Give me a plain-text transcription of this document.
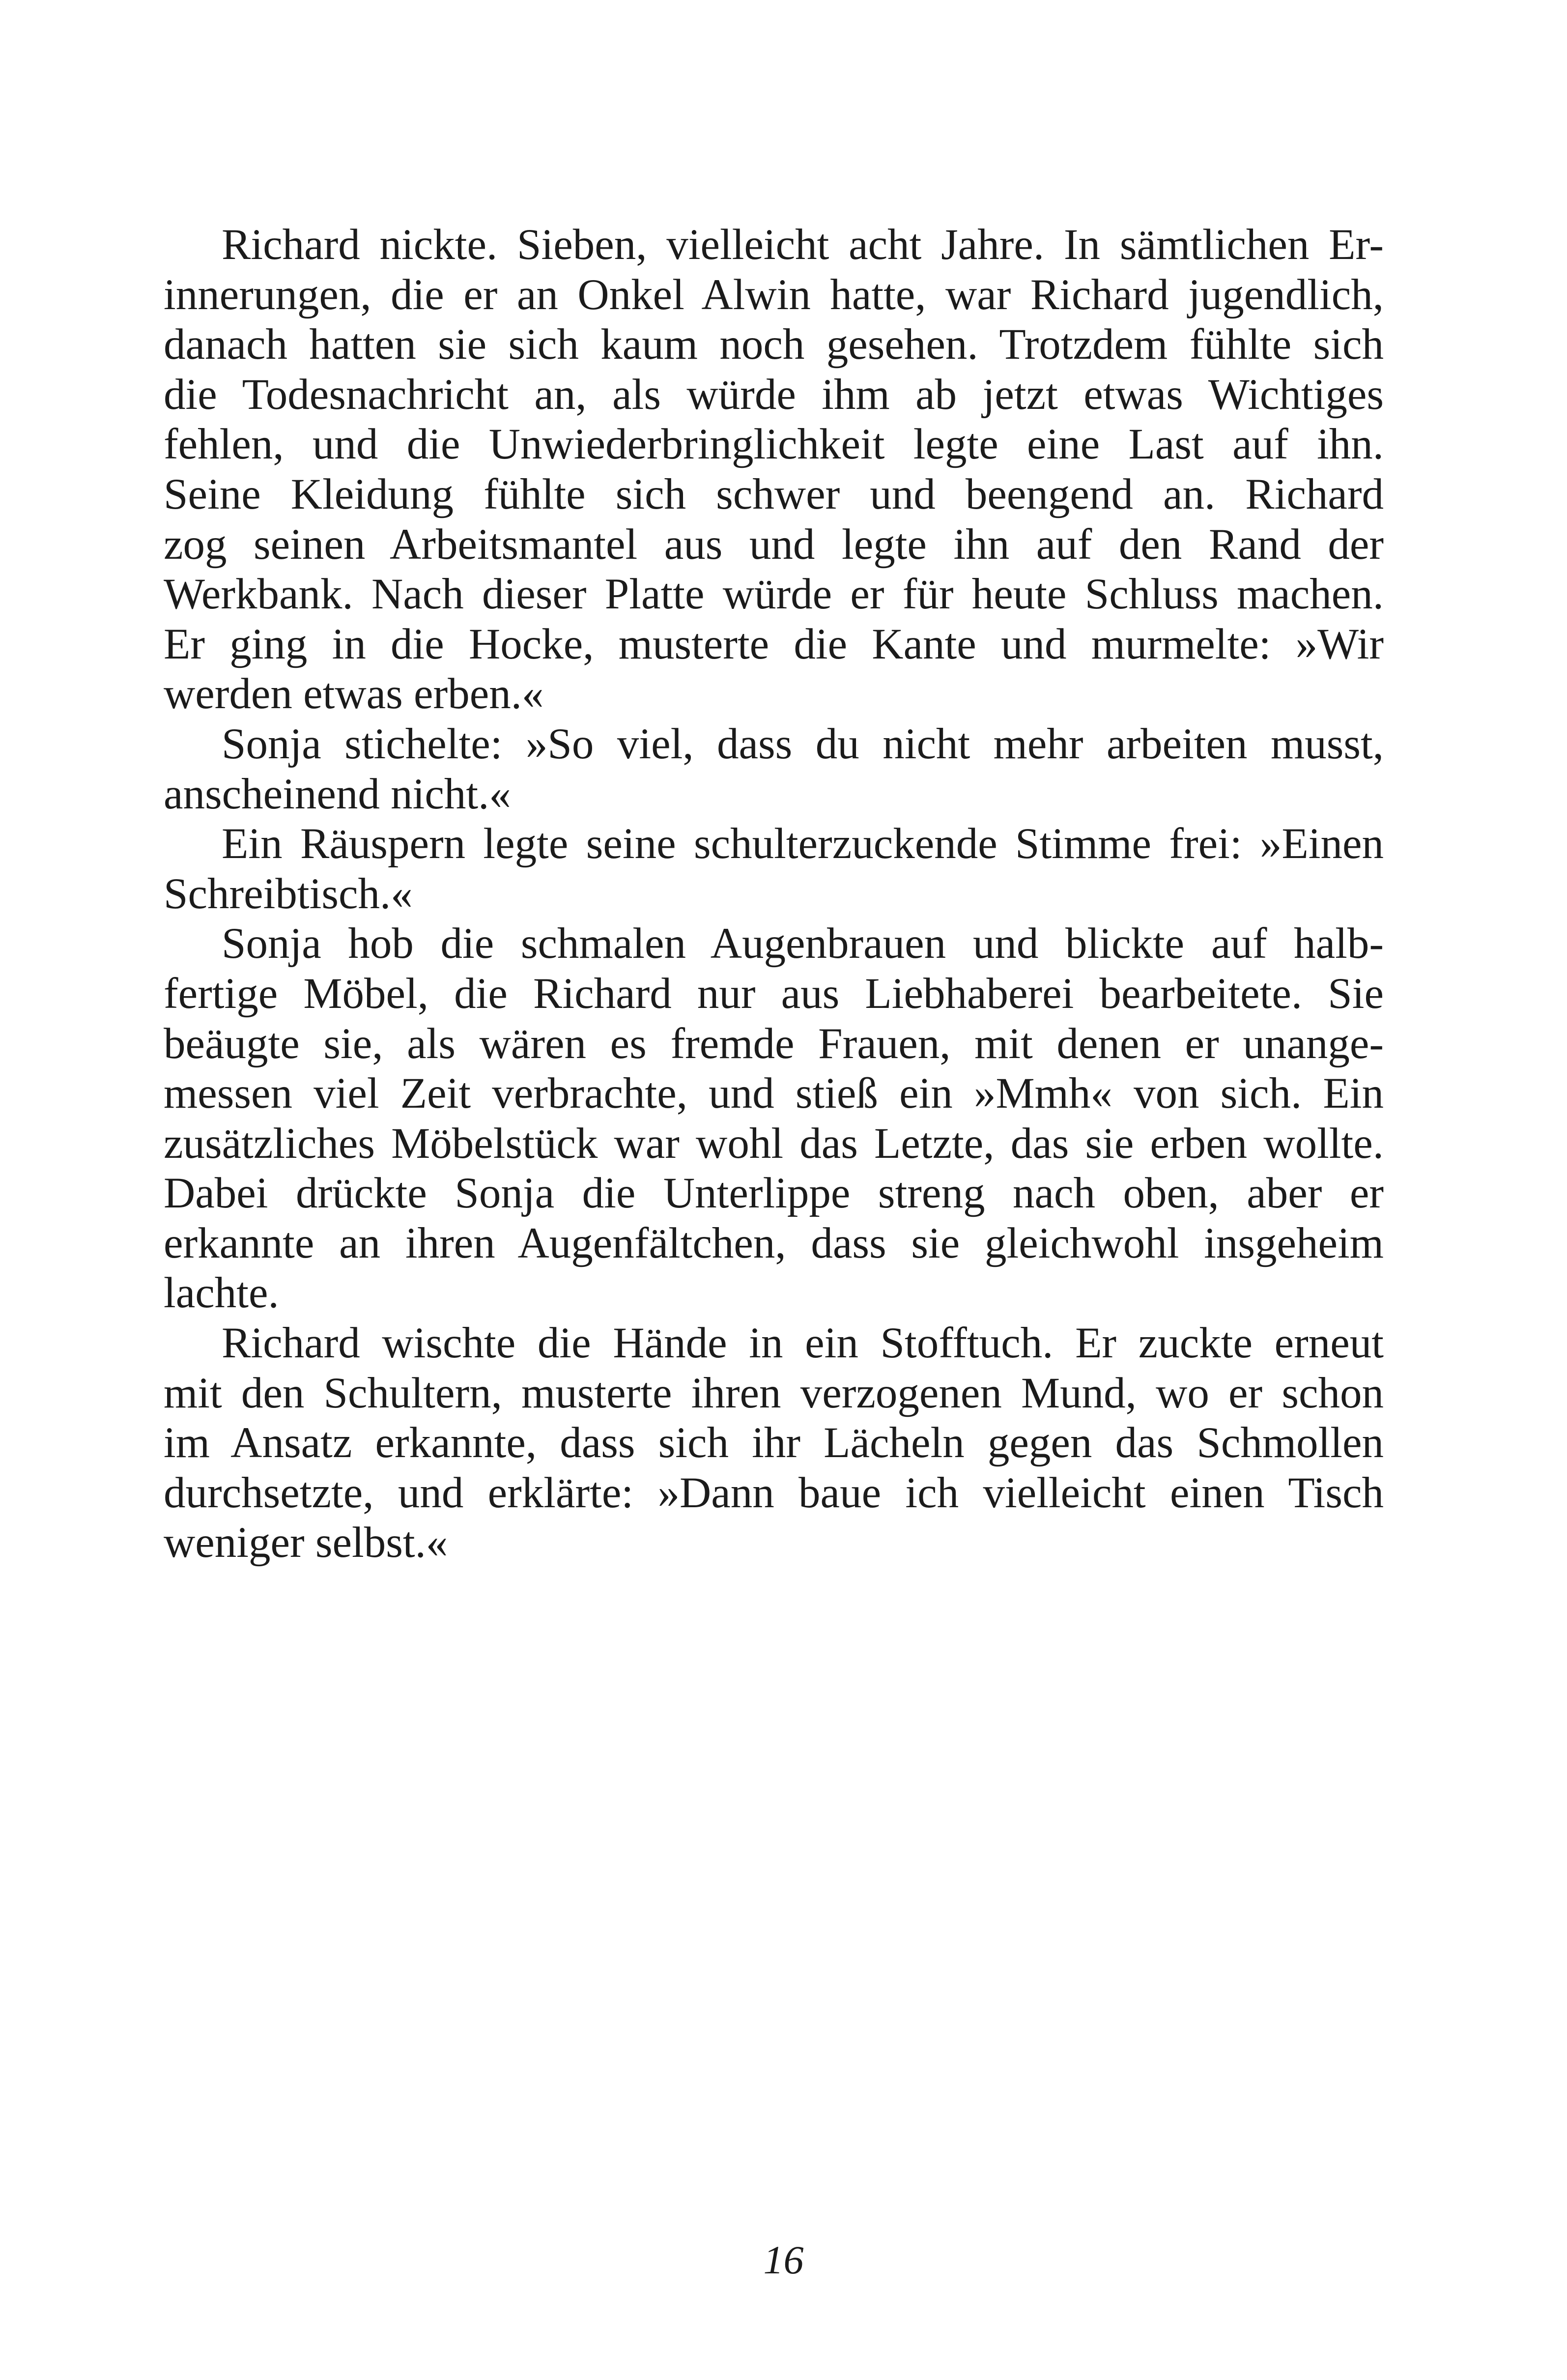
Richard nickte. Sieben, vielleicht acht Jahre. In sämtlichen Er-
innerungen, die er an Onkel Alwin hatte, war Richard jugendlich,
danach hatten sie sich kaum noch gesehen. Trotzdem fühlte sich
die Todesnachricht an, als würde ihm ab jetzt etwas Wichtiges
fehlen, und die Unwiederbringlichkeit legte eine Last auf ihn.
Seine Kleidung fühlte sich schwer und beengend an. Richard
zog seinen Arbeitsmantel aus und legte ihn auf den Rand der
Werkbank. Nach dieser Platte würde er für heute Schluss machen.
Er ging in die Hocke, musterte die Kante und murmelte: »Wir
werden etwas erben.«
Sonja stichelte: »So viel, dass du nicht mehr arbeiten musst,
anscheinend nicht.«
Ein Räuspern legte seine schulterzuckende Stimme frei: »Einen
Schreibtisch.«
Sonja hob die schmalen Augenbrauen und blickte auf halb-
fertige Möbel, die Richard nur aus Liebhaberei bearbeitete. Sie
beäugte sie, als wären es fremde Frauen, mit denen er unange-
messen viel Zeit verbrachte, und stieß ein »Mmh« von sich. Ein
zusätzliches Möbelstück war wohl das Letzte, das sie erben wollte.
Dabei drückte Sonja die Unterlippe streng nach oben, aber er
erkannte an ihren Augenfältchen, dass sie gleichwohl insgeheim
lachte.
Richard wischte die Hände in ein Stofftuch. Er zuckte erneut
mit den Schultern, musterte ihren verzogenen Mund, wo er schon
im Ansatz erkannte, dass sich ihr Lächeln gegen das Schmollen
durchsetzte, und erklärte: »Dann baue ich vielleicht einen Tisch
weniger selbst.«
16
